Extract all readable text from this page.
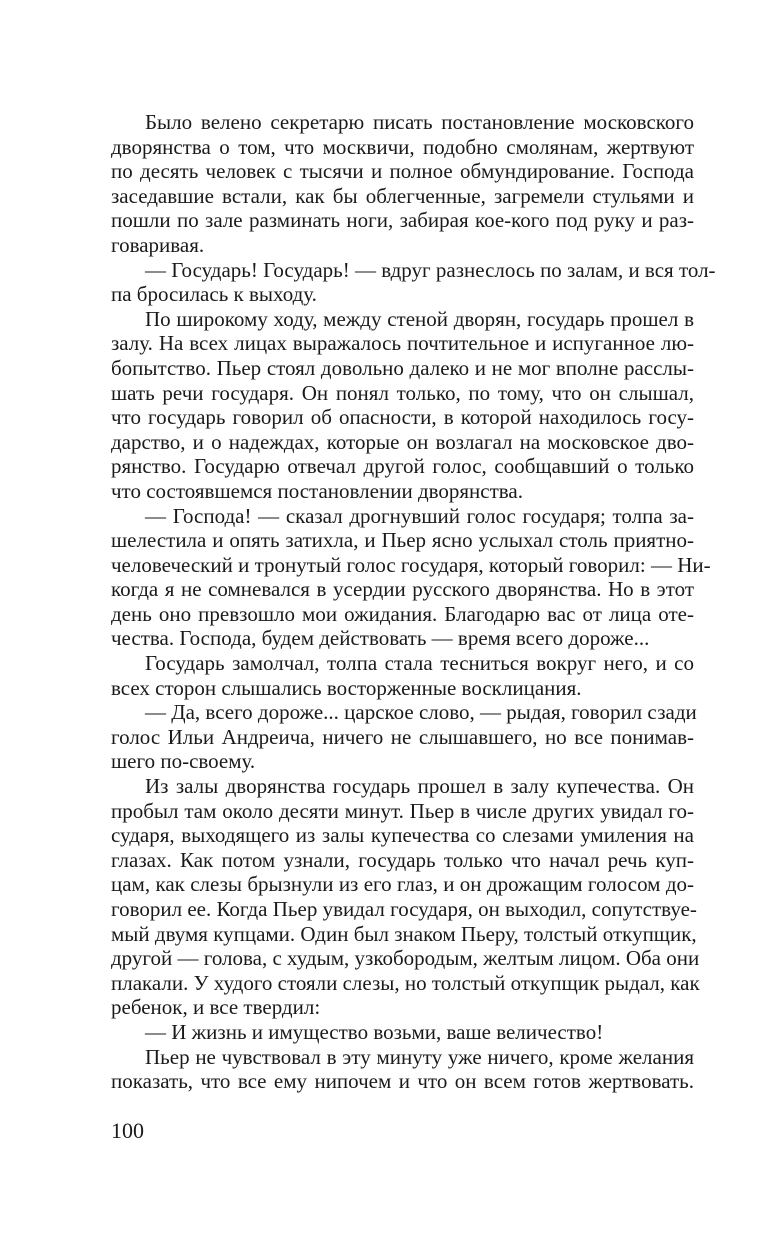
Было велено секретарю писать постановление московского
дворянства о том, что москвичи, подобно смолянам, жертвуют
по десять человек с тысячи и полное обмундирование. Господа
заседавшие встали, как бы облегченные, загремели стульями и
пошли по зале разминать ноги, забирая кое-кого под руку и раз-
говаривая.
— Государь! Государь! — вдруг разнеслось по залам, и вся тол-
па бросилась к выходу.
По широкому ходу, между стеной дворян, государь прошел в
залу. На всех лицах выражалось почтительное и испуганное лю-
бопытство. Пьер стоял довольно далеко и не мог вполне расслы-
шать речи государя. Он понял только, по тому, что он слышал,
что государь говорил об опасности, в которой находилось госу-
дарство, и о надеждах, которые он возлагал на московское дво-
рянство. Государю отвечал другой голос, сообщавший о только
что состоявшемся постановлении дворянства.
— Господа! — сказал дрогнувший голос государя; толпа за-
шелестила и опять затихла, и Пьер ясно услыхал столь приятно-
человеческий и тронутый голос государя, который говорил: — Ни-
когда я не сомневался в усердии русского дворянства. Но в этот
день оно превзошло мои ожидания. Благодарю вас от лица оте-
чества. Господа, будем действовать — время всего дороже...
Государь замолчал, толпа стала тесниться вокруг него, и со
всех сторон слышались восторженные восклицания.
— Да, всего дороже... царское слово, — рыдая, говорил сзади
голос Ильи Андреича, ничего не слышавшего, но все понимав-
шего по-своему.
Из залы дворянства государь прошел в залу купечества. Он
пробыл там около десяти минут. Пьер в числе других увидал го-
сударя, выходящего из залы купечества со слезами умиления на
глазах. Как потом узнали, государь только что начал речь куп-
цам, как слезы брызнули из его глаз, и он дрожащим голосом до-
говорил ее. Когда Пьер увидал государя, он выходил, сопутствуе-
мый двумя купцами. Один был знаком Пьеру, толстый откупщик,
другой — голова, с худым, узкобородым, желтым лицом. Оба они
плакали. У худого стояли слезы, но толстый откупщик рыдал, как
ребенок, и все твердил:
— И жизнь и имущество возьми, ваше величество!
Пьер не чувствовал в эту минуту уже ничего, кроме желания
показать, что все ему нипочем и что он всем готов жертвовать.
100
